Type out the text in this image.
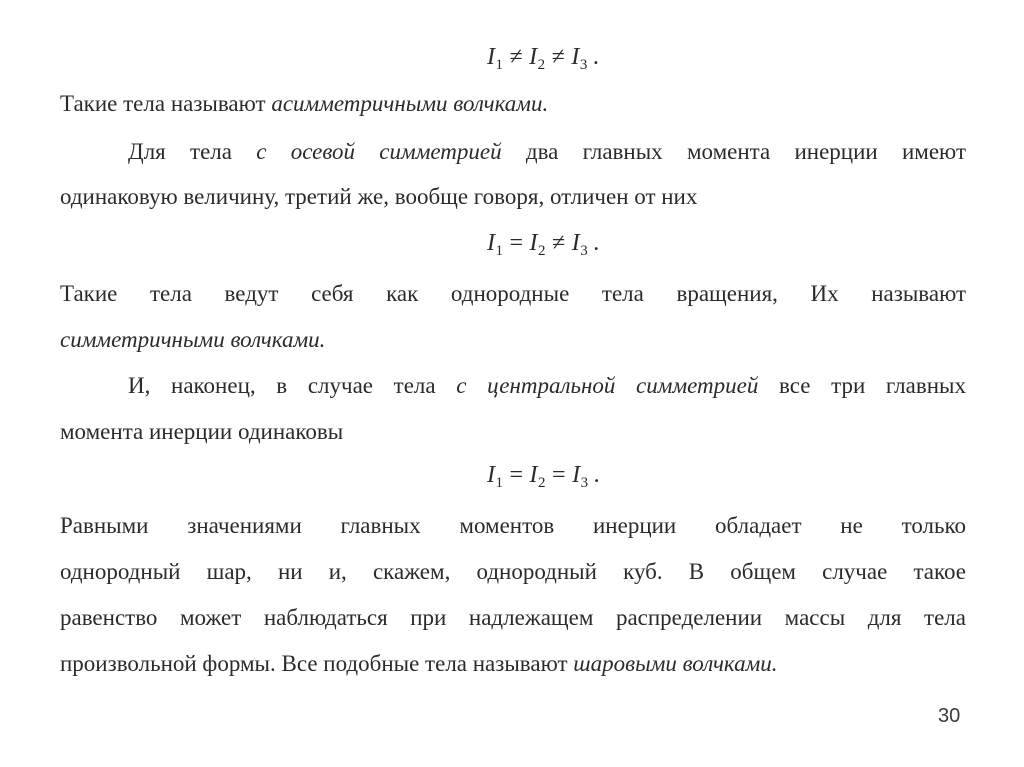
$I_1 \ne I_2 \ne I_3$ .
Такие тела называют асимметричными волчками.
Для тела с осевой симметрией два главных момента инерции имеют
одинаковую величину, третий же, вообще говоря, отличен от них
$I_1 = I_2 \ne I_3$ .
Такие тела ведут себя как однородные тела вращения, Их называют
симметричными волчками.
И, наконец, в случае тела с центральной симметрией все три главных
момента инерции одинаковы
$I_1 = I_2 = I_3$ .
Равными значениями главных моментов инерции обладает не только
однородный шар, ни и, скажем, однородный куб. В общем случае такое
равенство может наблюдаться при надлежащем распределении массы для тела
произвольной формы. Все подобные тела называют шаровыми волчками.
30
